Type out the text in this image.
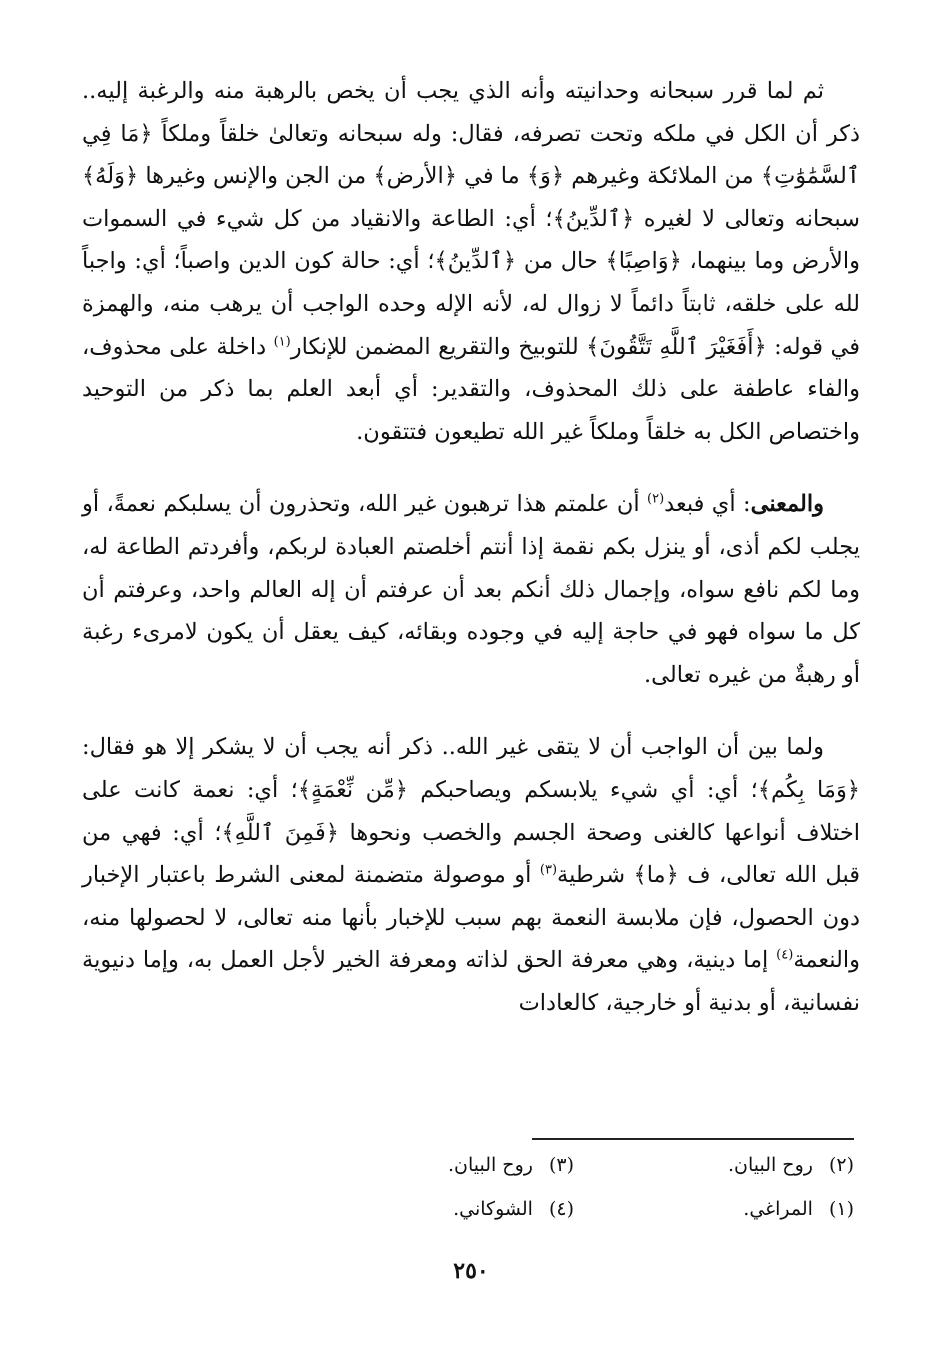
ثم لما قرر سبحانه وحدانيته وأنه الذي يجب أن يخص بالرهبة منه والرغبة إليه.. ذكر أن الكل في ملكه وتحت تصرفه، فقال: وله سبحانه وتعالىٰ خلقاً وملكاً ﴿مَا فِي ٱلسَّمَٰوَٰتِ﴾ من الملائكة وغيرهم ﴿وَ﴾ ما في ﴿الأرض﴾ من الجن والإنس وغيرها ﴿وَلَهُ﴾ سبحانه وتعالى لا لغيره ﴿ٱلدِّينُ﴾؛ أي: الطاعة والانقياد من كل شيء في السموات والأرض وما بينهما، ﴿وَاصِبًا﴾ حال من ﴿ٱلدِّينُ﴾؛ أي: حالة كون الدين واصباً؛ أي: واجباً لله على خلقه، ثابتاً دائماً لا زوال له، لأنه الإله وحده الواجب أن يرهب منه، والهمزة في قوله: ﴿أَفَغَيْرَ ٱللَّهِ تَتَّقُونَ﴾ للتوبيخ والتقريع المضمن للإنكار$^{(١)}$ داخلة على محذوف، والفاء عاطفة على ذلك المحذوف، والتقدير: أي أبعد العلم بما ذكر من التوحيد واختصاص الكل به خلقاً وملكاً غير الله تطيعون فتتقون.

والمعنى: أي فبعد$^{(٢)}$ أن علمتم هذا ترهبون غير الله، وتحذرون أن يسلبكم نعمةً، أو يجلب لكم أذى، أو ينزل بكم نقمة إذا أنتم أخلصتم العبادة لربكم، وأفردتم الطاعة له، وما لكم نافع سواه، وإجمال ذلك أنكم بعد أن عرفتم أن إله العالم واحد، وعرفتم أن كل ما سواه فهو في حاجة إليه في وجوده وبقائه، كيف يعقل أن يكون لامرىء رغبة أو رهبةٌ من غيره تعالى.

ولما بين أن الواجب أن لا يتقى غير الله.. ذكر أنه يجب أن لا يشكر إلا هو فقال: ﴿وَمَا بِكُم﴾؛ أي: أي شيء يلابسكم ويصاحبكم ﴿مِّن نِّعْمَةٍ﴾؛ أي: نعمة كانت على اختلاف أنواعها كالغنى وصحة الجسم والخصب ونحوها ﴿فَمِنَ ٱللَّهِ﴾؛ أي: فهي من قبل الله تعالى، ف ﴿ما﴾ شرطية$^{(٣)}$ أو موصولة متضمنة لمعنى الشرط باعتبار الإخبار دون الحصول، فإن ملابسة النعمة بهم سبب للإخبار بأنها منه تعالى، لا لحصولها منه، والنعمة$^{(٤)}$ إما دينية، وهي معرفة الحق لذاته ومعرفة الخير لأجل العمل به، وإما دنيوية نفسانية، أو بدنية أو خارجية، كالعادات

(٢)
روح البيان.
(٣)
روح البيان.
(١)
المراغي.
(٤)
الشوكاني.
٢٥٠
